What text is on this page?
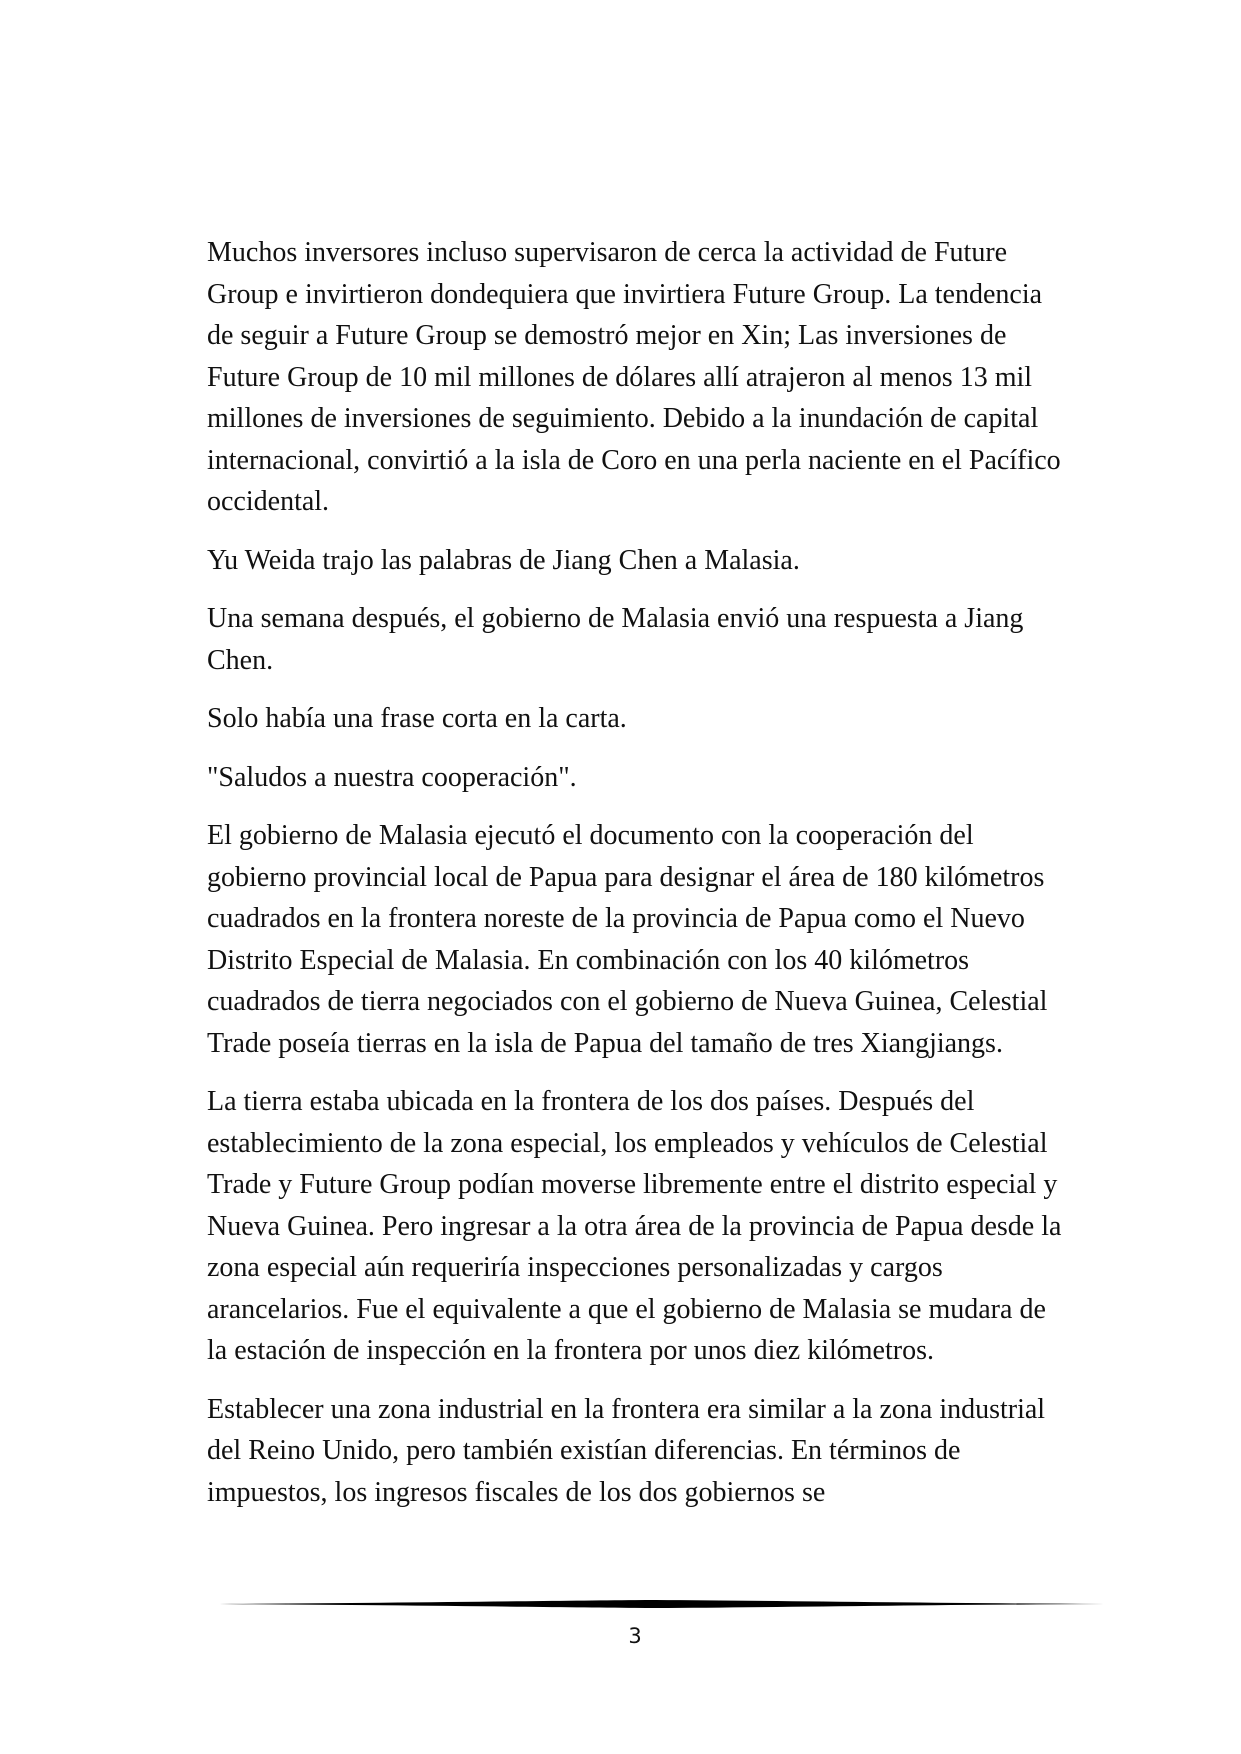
Muchos inversores incluso supervisaron de cerca la actividad de Future Group e invirtieron dondequiera que invirtiera Future Group. La tendencia de seguir a Future Group se demostró mejor en Xin; Las inversiones de Future Group de 10 mil millones de dólares allí atrajeron al menos 13 mil millones de inversiones de seguimiento. Debido a la inundación de capital internacional, convirtió a la isla de Coro en una perla naciente en el Pacífico occidental.

Yu Weida trajo las palabras de Jiang Chen a Malasia.

Una semana después, el gobierno de Malasia envió una respuesta a Jiang Chen.

Solo había una frase corta en la carta.

"Saludos a nuestra cooperación".

El gobierno de Malasia ejecutó el documento con la cooperación del gobierno provincial local de Papua para designar el área de 180 kilómetros cuadrados en la frontera noreste de la provincia de Papua como el Nuevo Distrito Especial de Malasia. En combinación con los 40 kilómetros cuadrados de tierra negociados con el gobierno de Nueva Guinea, Celestial Trade poseía tierras en la isla de Papua del tamaño de tres Xiangjiangs.

La tierra estaba ubicada en la frontera de los dos países. Después del establecimiento de la zona especial, los empleados y vehículos de Celestial Trade y Future Group podían moverse libremente entre el distrito especial y Nueva Guinea. Pero ingresar a la otra área de la provincia de Papua desde la zona especial aún requeriría inspecciones personalizadas y cargos arancelarios. Fue el equivalente a que el gobierno de Malasia se mudara de la estación de inspección en la frontera por unos diez kilómetros.

Establecer una zona industrial en la frontera era similar a la zona industrial del Reino Unido, pero también existían diferencias. En términos de impuestos, los ingresos fiscales de los dos gobiernos se

3
